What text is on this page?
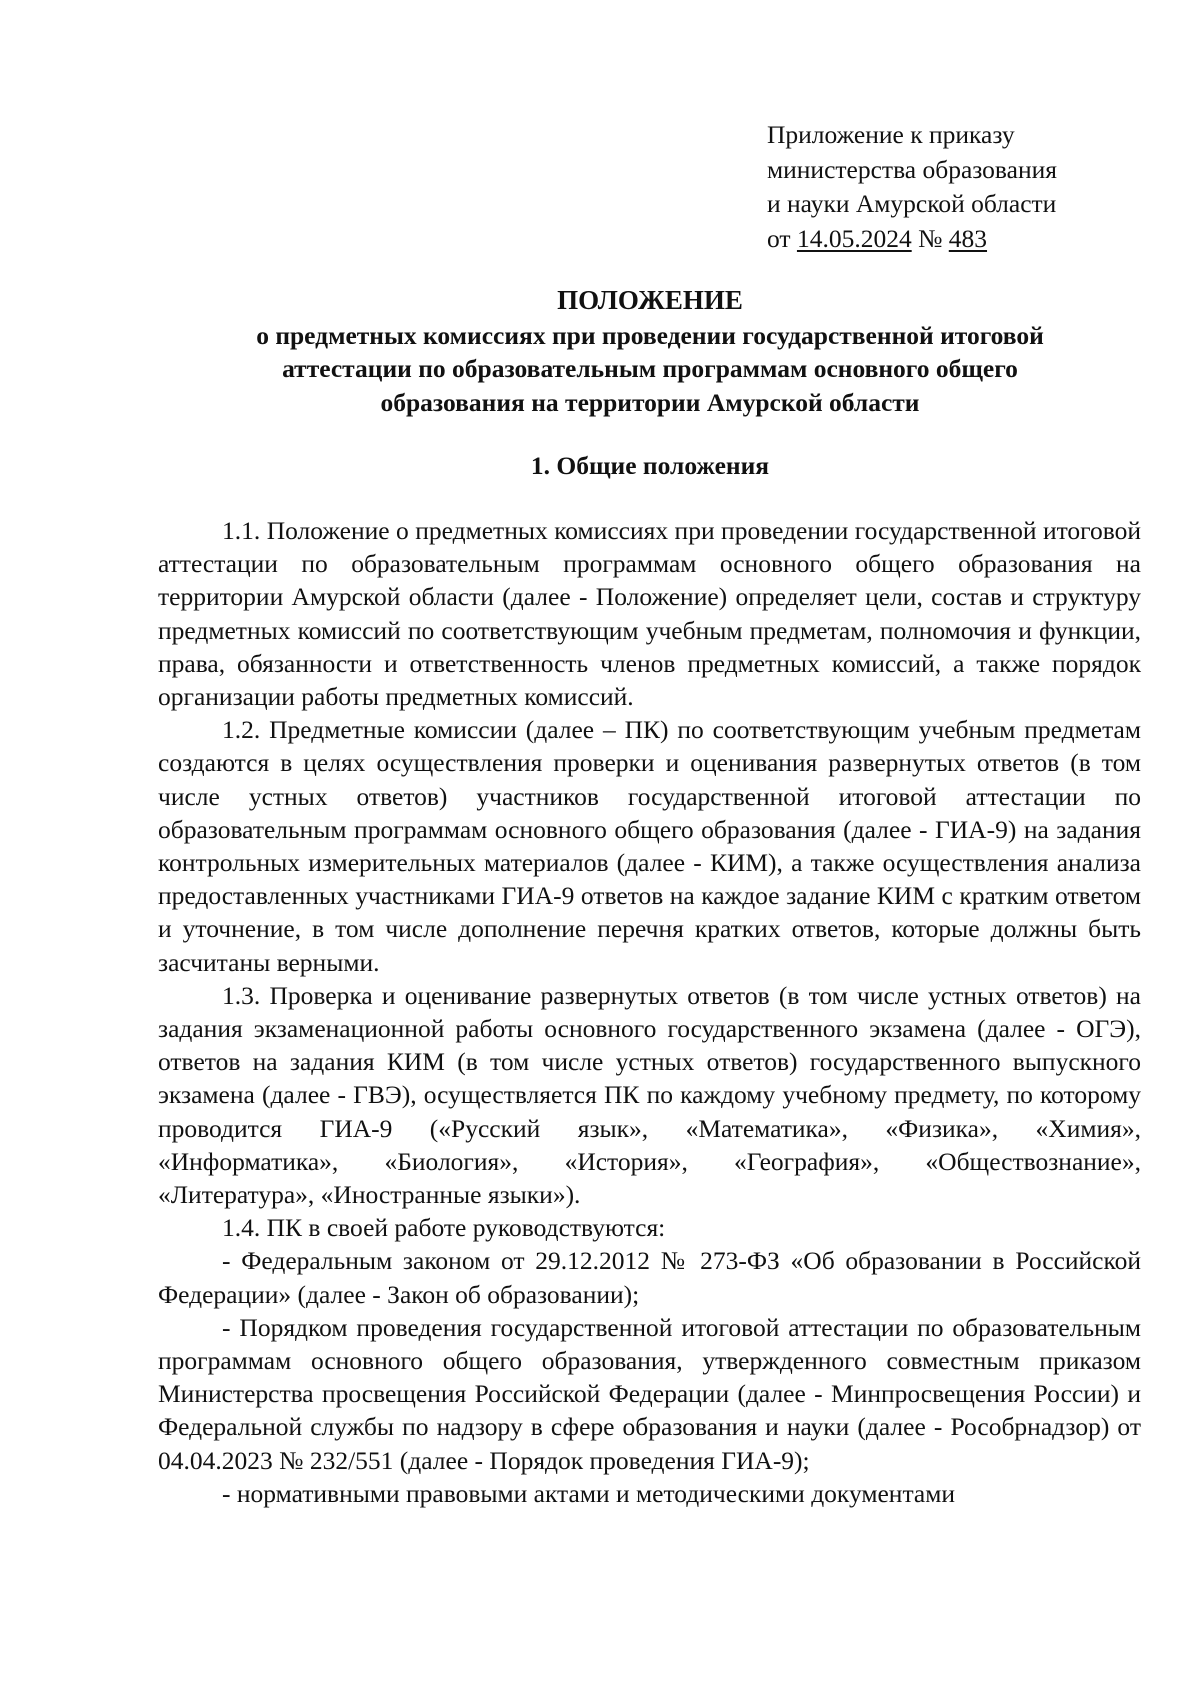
Приложение к приказу
министерства образования
и науки Амурской области
от 14.05.2024 № 483
ПОЛОЖЕНИЕ
о предметных комиссиях при проведении государственной итоговой
аттестации по образовательным программам основного общего
образования на территории Амурской области
1. Общие положения

1.1. Положение о предметных комиссиях при проведении государственной итоговой аттестации по образовательным программам основного общего образования на территории Амурской области (далее - Положение) определяет цели, состав и структуру предметных комиссий по соответствующим учебным предметам, полномочия и функции, права, обязанности и ответственность членов предметных комиссий, а также порядок организации работы предметных комиссий.

1.2. Предметные комиссии (далее – ПК) по соответствующим учебным предметам создаются в целях осуществления проверки и оценивания развернутых ответов (в том числе устных ответов) участников государственной итоговой аттестации по образовательным программам основного общего образования (далее - ГИА-9) на задания контрольных измерительных материалов (далее - КИМ), а также осуществления анализа предоставленных участниками ГИА-9 ответов на каждое задание КИМ с кратким ответом и уточнение, в том числе дополнение перечня кратких ответов, которые должны быть засчитаны верными.

1.3. Проверка и оценивание развернутых ответов (в том числе устных ответов) на задания экзаменационной работы основного государственного экзамена (далее - ОГЭ), ответов на задания КИМ (в том числе устных ответов) государственного выпускного экзамена (далее - ГВЭ), осуществляется ПК по каждому учебному предмету, по которому проводится ГИА-9 («Русский язык», «Математика», «Физика», «Химия», «Информатика», «Биология», «История», «География», «Обществознание», «Литература», «Иностранные языки»).

1.4. ПК в своей работе руководствуются:

- Федеральным законом от 29.12.2012 № 273-ФЗ «Об образовании в Российской Федерации» (далее - Закон об образовании);

- Порядком проведения государственной итоговой аттестации по образовательным программам основного общего образования, утвержденного совместным приказом Министерства просвещения Российской Федерации (далее - Минпросвещения России) и Федеральной службы по надзору в сфере образования и науки (далее - Рособрнадзор) от 04.04.2023 № 232/551 (далее - Порядок проведения ГИА-9);

- нормативными правовыми актами и методическими документами
